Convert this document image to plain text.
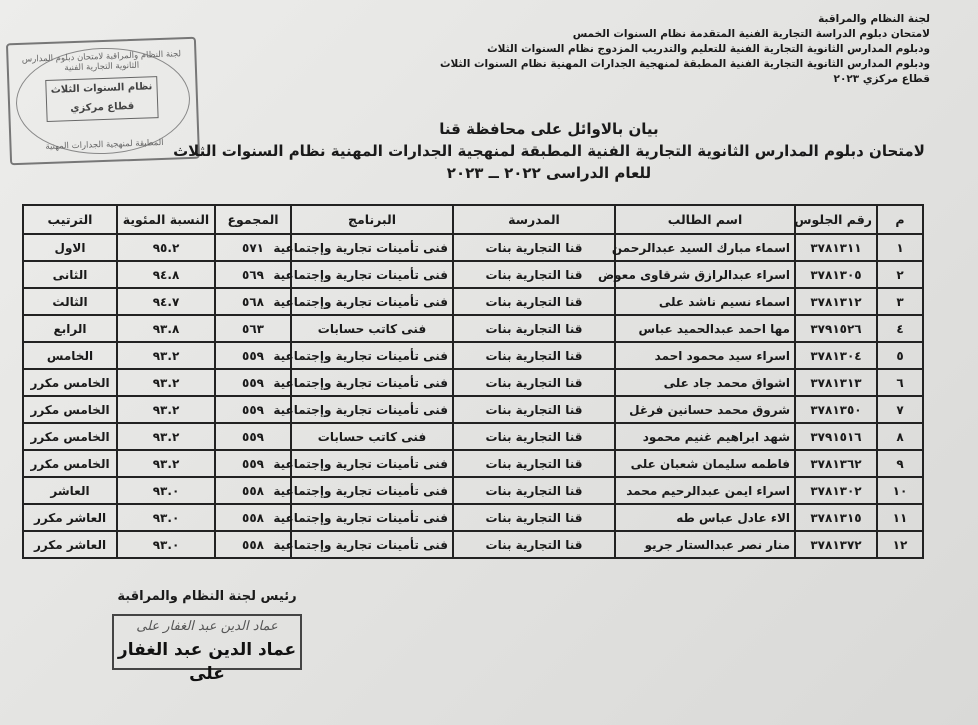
لجنة النظام والمراقبة
لامتحان دبلوم الدراسة التجارية الفنية المتقدمة نظام السنوات الخمس
ودبلوم المدارس الثانوية التجارية الفنية للتعليم والتدريب المزدوج نظام السنوات الثلاث
ودبلوم المدارس الثانوية التجارية الفنية المطبقة لمنهجية الجدارات المهنية نظام السنوات الثلاث
قطاع مركزي ٢٠٢٣
لجنة النظام والمراقبة لامتحان دبلوم المدارس الثانوية التجارية الفنية
نظام السنوات الثلاث
قطاع مركزي
المطبقة لمنهجية الجدارات المهنية
بيان بالاوائل على محافظة قنا
لامتحان دبلوم المدارس الثانوية التجارية الفنية المطبقة لمنهجية الجدارات المهنية نظام السنوات الثلاث
للعام الدراسى ٢٠٢٢ ــ ٢٠٢٣
م	رقم الجلوس	اسم الطالب	المدرسة	البرنامج	المجموع	النسبة المئوية	الترتيب
١	٣٧٨١٣١١	اسماء مبارك السيد عبدالرحمن	قنا التجارية بنات	فنى تأمينات تجارية وإجتماعية	٥٧١	٩٥.٢	الاول
٢	٣٧٨١٣٠٥	اسراء عبدالرازق شرقاوى معوض	قنا التجارية بنات	فنى تأمينات تجارية وإجتماعية	٥٦٩	٩٤.٨	الثانى
٣	٣٧٨١٣١٢	اسماء نسيم ناشد على	قنا التجارية بنات	فنى تأمينات تجارية وإجتماعية	٥٦٨	٩٤.٧	الثالث
٤	٣٧٩١٥٢٦	مها احمد عبدالحميد عباس	قنا التجارية بنات	فنى كاتب حسابات	٥٦٣	٩٣.٨	الرابع
٥	٣٧٨١٣٠٤	اسراء سيد محمود احمد	قنا التجارية بنات	فنى تأمينات تجارية وإجتماعية	٥٥٩	٩٣.٢	الخامس
٦	٣٧٨١٣١٣	اشواق محمد جاد على	قنا التجارية بنات	فنى تأمينات تجارية وإجتماعية	٥٥٩	٩٣.٢	الخامس مكرر
٧	٣٧٨١٣٥٠	شروق محمد حسانين فرغل	قنا التجارية بنات	فنى تأمينات تجارية وإجتماعية	٥٥٩	٩٣.٢	الخامس مكرر
٨	٣٧٩١٥١٦	شهد ابراهيم غنيم محمود	قنا التجارية بنات	فنى كاتب حسابات	٥٥٩	٩٣.٢	الخامس مكرر
٩	٣٧٨١٣٦٢	فاطمه سليمان شعبان على	قنا التجارية بنات	فنى تأمينات تجارية وإجتماعية	٥٥٩	٩٣.٢	الخامس مكرر
١٠	٣٧٨١٣٠٢	اسراء ايمن عبدالرحيم محمد	قنا التجارية بنات	فنى تأمينات تجارية وإجتماعية	٥٥٨	٩٣.٠	العاشر
١١	٣٧٨١٣١٥	الاء عادل عباس طه	قنا التجارية بنات	فنى تأمينات تجارية وإجتماعية	٥٥٨	٩٣.٠	العاشر مكرر
١٢	٣٧٨١٣٧٢	منار نصر عبدالستار جريو	قنا التجارية بنات	فنى تأمينات تجارية وإجتماعية	٥٥٨	٩٣.٠	العاشر مكرر
رئيس لجنة النظام والمراقبة
عماد الدين عبد الغفار على
عماد الدين عبد الغفار على
